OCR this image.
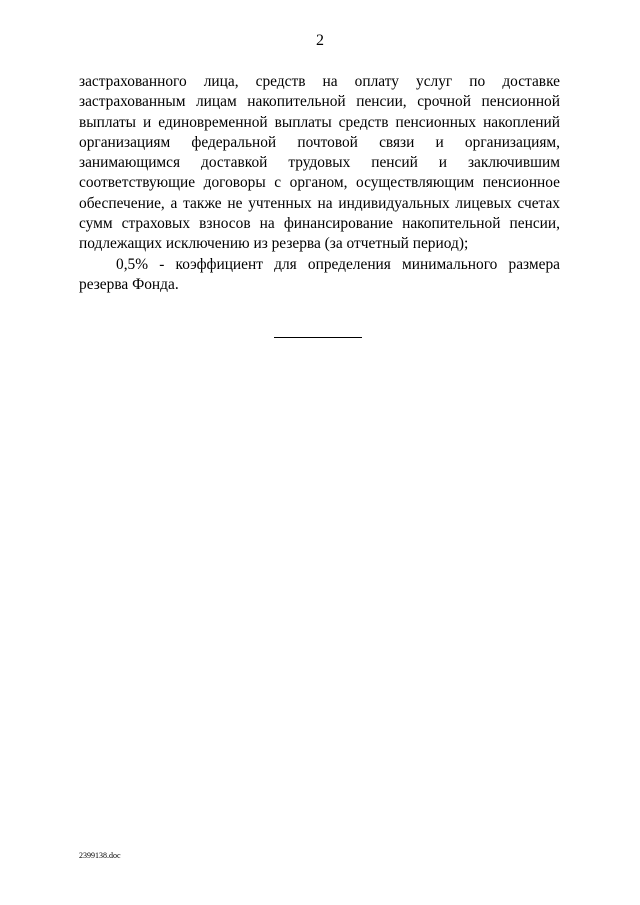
2

застрахованного лица, средств на оплату услуг по доставке застрахованным лицам накопительной пенсии, срочной пенсионной выплаты и единовременной выплаты средств пенсионных накоплений организациям федеральной почтовой связи и организациям, занимающимся доставкой трудовых пенсий и заключившим соответствующие договоры с органом, осуществляющим пенсионное обеспечение, а также не учтенных на индивидуальных лицевых счетах сумм страховых взносов на финансирование накопительной пенсии, подлежащих исключению из резерва (за отчетный период);

0,5% - коэффициент для определения минимального размера резерва Фонда.

2399138.doc
